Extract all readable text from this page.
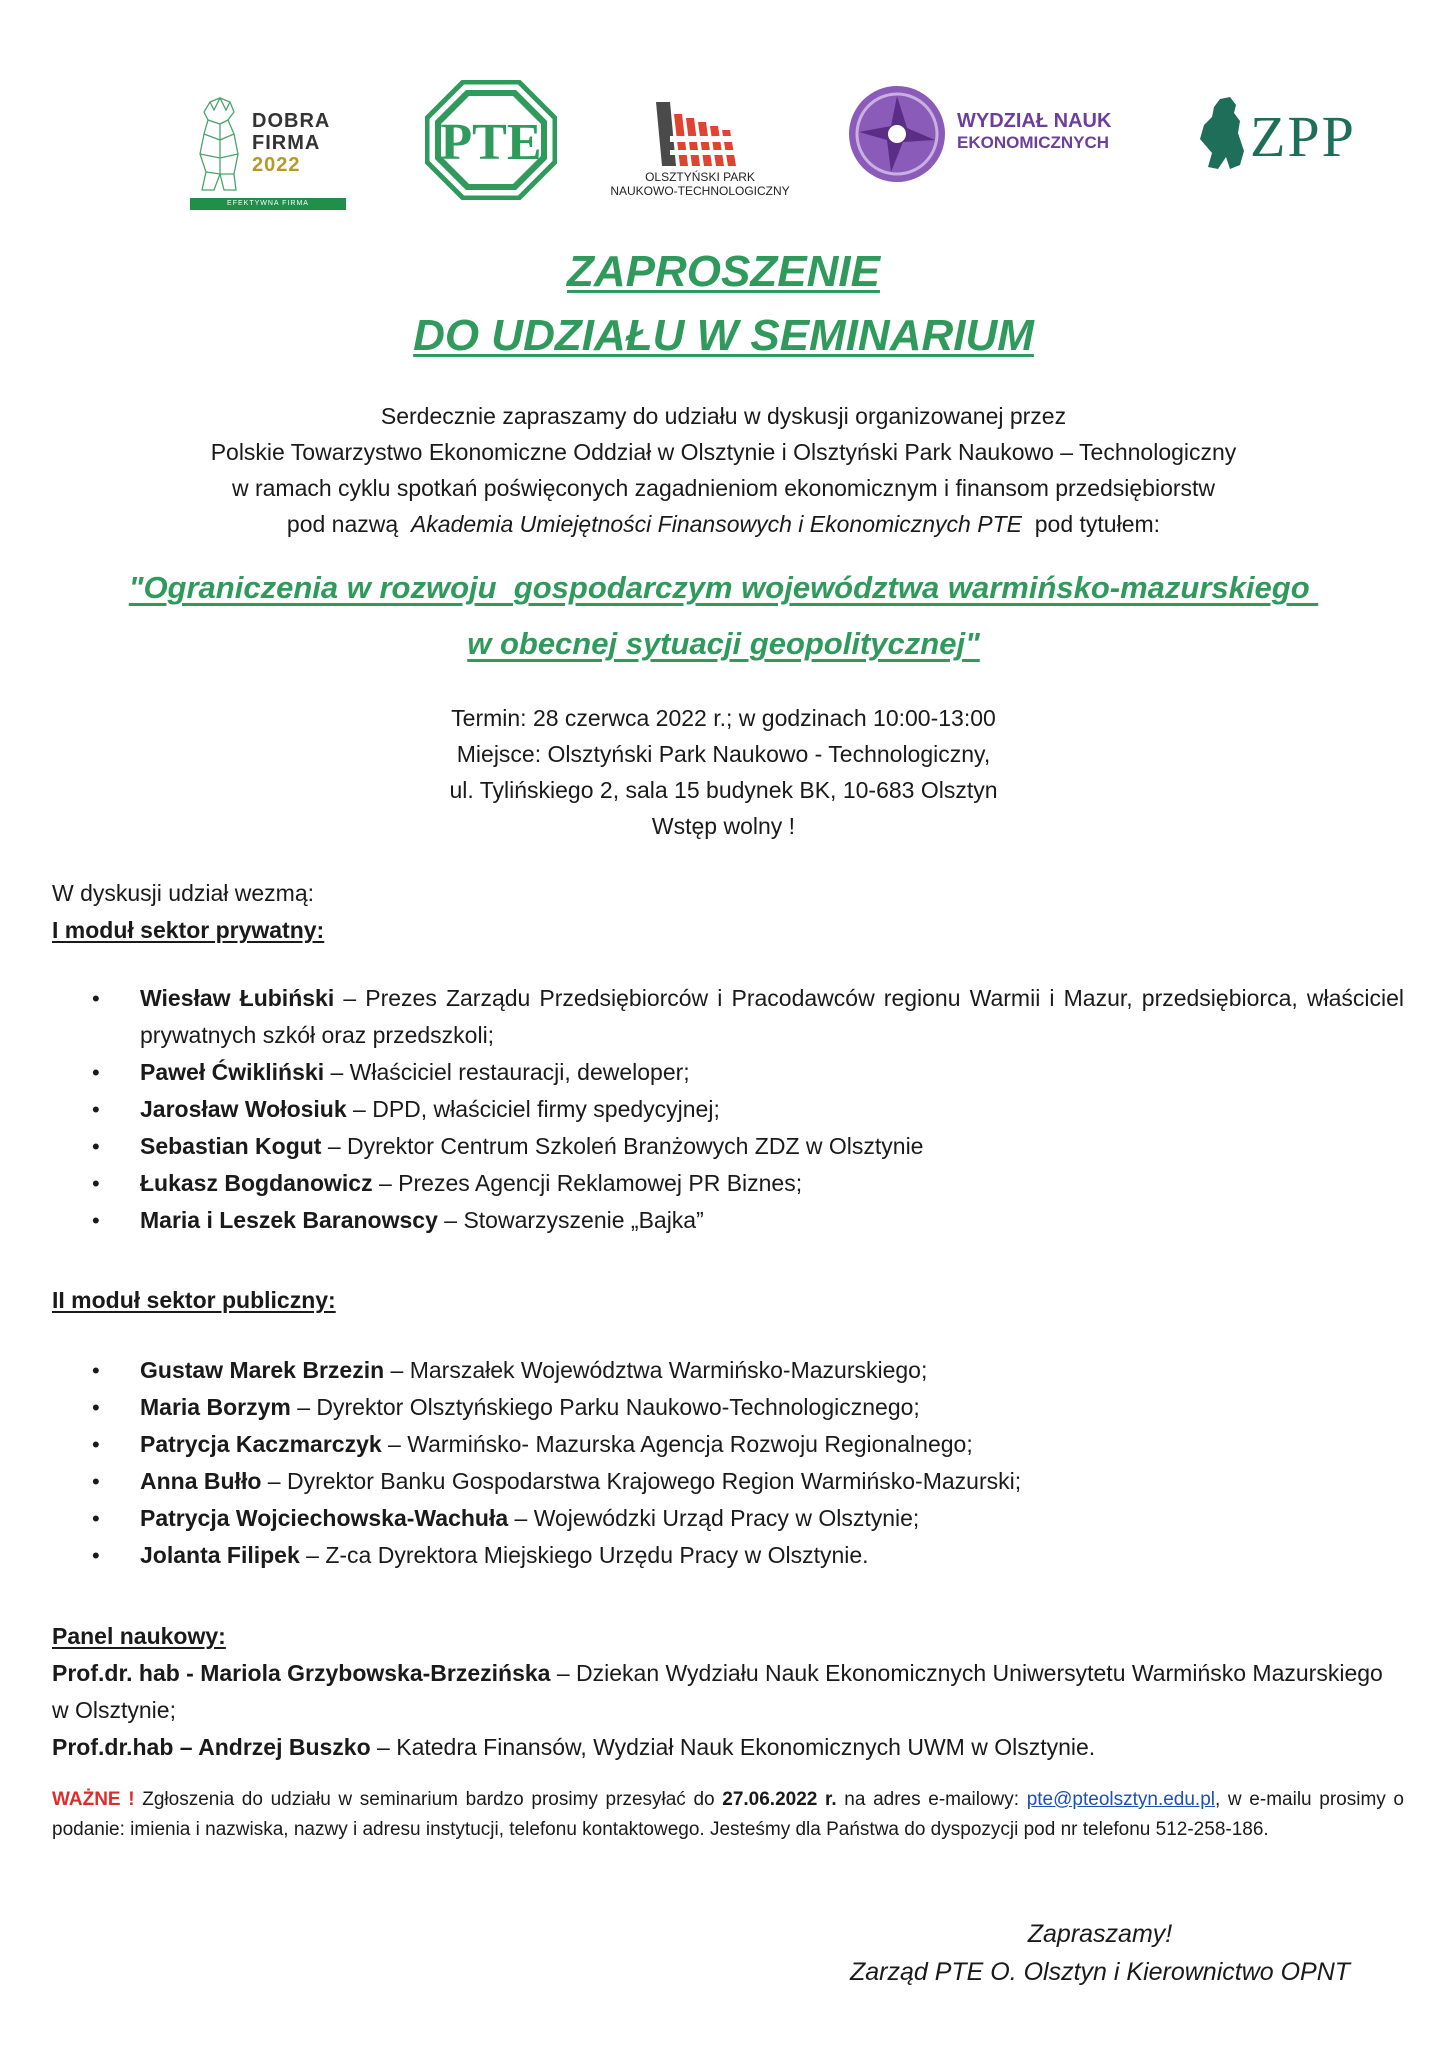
DOBRA
FIRMA
2022
EFEKTYWNA FIRMA
PTE
OLSZTYŃSKI PARK
NAUKOWO-TECHNOLOGICZNY
WYDZIAŁ NAUK
EKONOMICZNYCH ZPP
ZAPROSZENIE
DO UDZIAŁU W SEMINARIUM
Serdecznie zapraszamy do udziału w dyskusji organizowanej przez
Polskie Towarzystwo Ekonomiczne Oddział w Olsztynie i Olsztyński Park Naukowo – Technologiczny
w ramach cyklu spotkań poświęconych zagadnieniom ekonomicznym i finansom przedsiębiorstw
pod nazwą Akademia Umiejętności Finansowych i Ekonomicznych PTE pod tytułem:
"Ograniczenia w rozwoju  gospodarczym województwa warmińsko-mazurskiego
w obecnej sytuacji geopolitycznej"
Termin: 28 czerwca 2022 r.; w godzinach 10:00-13:00
Miejsce: Olsztyński Park Naukowo - Technologiczny,
ul. Tylińskiego 2, sala 15 budynek BK, 10-683 Olsztyn
Wstęp wolny !
W dyskusji udział wezmą:
I moduł sektor prywatny:
• Wiesław Łubiński – Prezes Zarządu Przedsiębiorców i Pracodawców regionu Warmii i Mazur, przedsiębiorca, właściciel prywatnych szkół oraz przedszkoli;
• Paweł Ćwikliński – Właściciel restauracji, deweloper;
• Jarosław Wołosiuk – DPD, właściciel firmy spedycyjnej;
• Sebastian Kogut – Dyrektor Centrum Szkoleń Branżowych ZDZ w Olsztynie
• Łukasz Bogdanowicz – Prezes Agencji Reklamowej PR Biznes;
• Maria i Leszek Baranowscy – Stowarzyszenie „Bajka”
II moduł sektor publiczny:
• Gustaw Marek Brzezin – Marszałek Województwa Warmińsko-Mazurskiego;
• Maria Borzym – Dyrektor Olsztyńskiego Parku Naukowo-Technologicznego;
• Patrycja Kaczmarczyk – Warmińsko- Mazurska Agencja Rozwoju Regionalnego;
• Anna Bułło – Dyrektor Banku Gospodarstwa Krajowego Region Warmińsko-Mazurski;
• Patrycja Wojciechowska-Wachuła – Wojewódzki Urząd Pracy w Olsztynie;
• Jolanta Filipek – Z-ca Dyrektora Miejskiego Urzędu Pracy w Olsztynie.
Panel naukowy:
Prof.dr. hab - Mariola Grzybowska-Brzezińska – Dziekan Wydziału Nauk Ekonomicznych Uniwersytetu Warmińsko Mazurskiego w Olsztynie;
Prof.dr.hab – Andrzej Buszko – Katedra Finansów, Wydział Nauk Ekonomicznych UWM w Olsztynie.
WAŻNE ! Zgłoszenia do udziału w seminarium bardzo prosimy przesyłać do 27.06.2022 r. na adres e-mailowy: pte@pteolsztyn.edu.pl, w e-mailu prosimy o podanie: imienia i nazwiska, nazwy i adresu instytucji, telefonu kontaktowego. Jesteśmy dla Państwa do dyspozycji pod nr telefonu 512-258-186.
Zapraszamy!
Zarząd PTE O. Olsztyn i Kierownictwo OPNT
